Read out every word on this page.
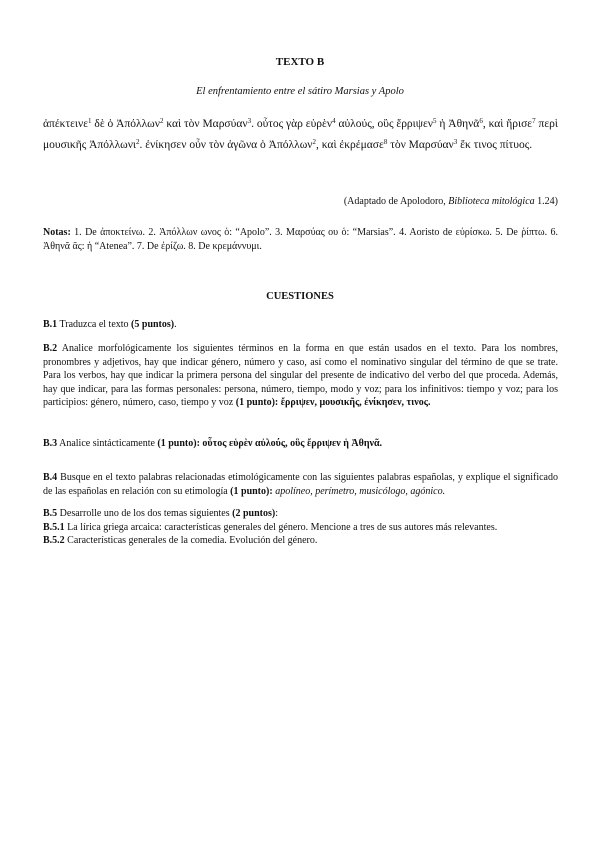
TEXTO B
El enfrentamiento entre el sátiro Marsias y Apolo
ἀπέκτεινε$^1$ δὲ ὁ Ἀπόλλων$^2$ καὶ τὸν Μαρσύαν$^3$. οὗτος γὰρ εὑρὲν$^4$ αὐλούς, οὓς ἔρριψεν$^5$ ἡ Ἀθηνᾶ$^6$, καὶ ἤρισε$^7$ περὶ μουσικῆς Ἀπόλλωνι$^2$. ἐνίκησεν οὖν τὸν ἀγῶνα ὁ Ἀπόλλων$^2$, καὶ ἐκρέμασε$^8$ τὸν Μαρσύαν$^3$ ἔκ τινος πίτυος.
(Adaptado de Apolodoro, Biblioteca mitológica 1.24)
Notas: 1. De ἀποκτείνω. 2. Ἀπόλλων ωνος ὁ: “Apolo”. 3. Μαρσύας ου ὁ: “Marsias”. 4. Aoristo de εὑρίσκω. 5. De ῥίπτω. 6. Ἀθηνᾶ ᾶς: ἡ “Atenea”. 7. De ἐρίζω. 8. De κρεμάννυμι.
CUESTIONES

B.1 Traduzca el texto (5 puntos).

B.2 Analice morfológicamente los siguientes términos en la forma en que están usados en el texto. Para los nombres, pronombres y adjetivos, hay que indicar género, número y caso, así como el nominativo singular del término de que se trate. Para los verbos, hay que indicar la primera persona del singular del presente de indicativo del verbo del que proceda. Además, hay que indicar, para las formas personales: persona, número, tiempo, modo y voz; para los infinitivos: tiempo y voz; para los participios: género, número, caso, tiempo y voz (1 punto): ἔρριψεν, μουσικῆς, ἐνίκησεν, τινος.

B.3 Analice sintácticamente (1 punto): οὗτος εὑρὲν αὐλούς, οὓς ἔρριψεν ἡ Ἀθηνᾶ.

B.4 Busque en el texto palabras relacionadas etimológicamente con las siguientes palabras españolas, y explique el significado de las españolas en relación con su etimología (1 punto): apolíneo, perímetro, musicólogo, agónico.

B.5 Desarrolle uno de los dos temas siguientes (2 puntos):
B.5.1 La lírica griega arcaica: características generales del género. Mencione a tres de sus autores más relevantes.
B.5.2 Características generales de la comedia. Evolución del género.
